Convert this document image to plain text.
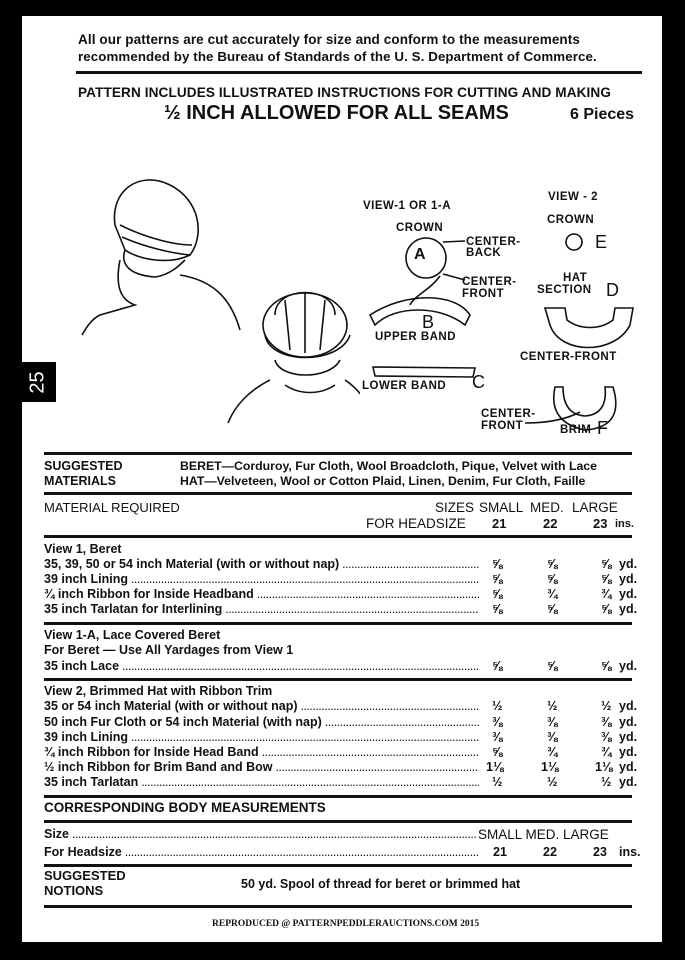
25
All our patterns are cut accurately for size and conform to the measurements
recommended by the Bureau of Standards of the U. S. Department of Commerce.
PATTERN INCLUDES ILLUSTRATED INSTRUCTIONS FOR CUTTING AND MAKING
½ INCH ALLOWED FOR ALL SEAMS	6 Pieces
VIEW-1 OR 1-A
CROWN
A
CENTER-
BACK
CENTER-
FRONT
B
UPPER BAND
LOWER BAND C
VIEW - 2
CROWN
E
HAT
SECTION D
CENTER-FRONT
CENTER-
FRONT	BRIM F
SUGGESTED
MATERIALS
BERET—Corduroy, Fur Cloth, Wool Broadcloth, Pique, Velvet with Lace
HAT—Velveteen, Wool or Cotton Plaid, Linen, Denim, Fur Cloth, Faille
MATERIAL REQUIRED	SIZES SMALL MED. LARGE
FOR HEADSIZE 21	22	23 ins.
View 1, Beret
35, 39, 50 or 54 inch Material (with or without nap) .....	⅝	⅝	⅝ yd.
39 inch Lining .....	⅝	⅝	⅝ yd.
¾ inch Ribbon for Inside Headband .....	⅝	¾	¾ yd.
35 inch Tarlatan for Interlining .....	⅝	⅝	⅝ yd.
View 1-A, Lace Covered Beret
For Beret — Use All Yardages from View 1
35 inch Lace .....	⅝	⅝	⅝ yd.
View 2, Brimmed Hat with Ribbon Trim
35 or 54 inch Material (with or without nap) .....	½	½	½ yd.
50 inch Fur Cloth or 54 inch Material (with nap) .....	⅜	⅜	⅜ yd.
39 inch Lining .....	⅜	⅜	⅜ yd.
¾ inch Ribbon for Inside Head Band .....	⅝	¾	¾ yd.
½ inch Ribbon for Brim Band and Bow .....	1⅛	1⅛	1⅛ yd.
35 inch Tarlatan .....	½	½	½ yd.
CORRESPONDING BODY MEASUREMENTS
Size .....	SMALL MED. LARGE
For Headsize .....	21	22	23 ins.
SUGGESTED
NOTIONS	50 yd. Spool of thread for beret or brimmed hat
REPRODUCED @ PATTERNPEDDLERAUCTIONS.COM 2015
